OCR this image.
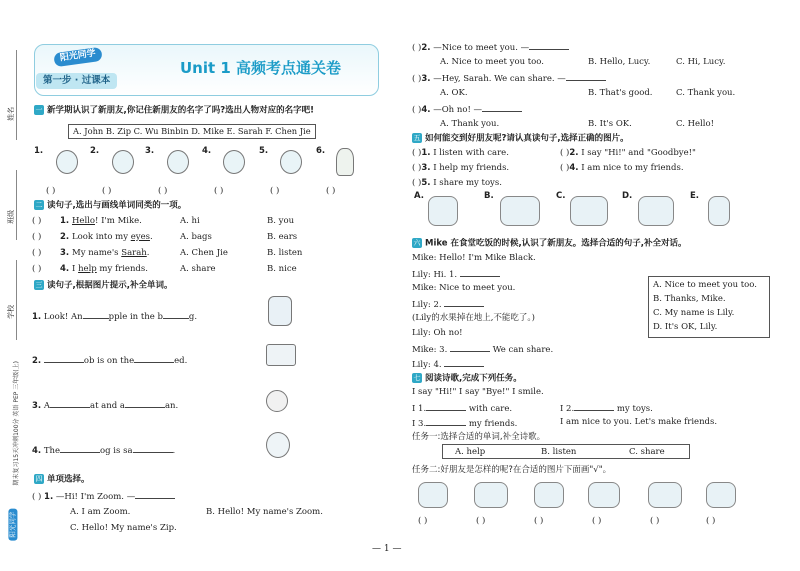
姓名
班级
学校
期末复习15天冲刺100分 英语 PEP 三年级(上)
阳光同学
阳光同学
第一步 · 过课本
Unit 1 高频考点通关卷
一 新学期认识了新朋友,你记住新朋友的名字了吗?选出人物对应的名字吧!
A. John B. Zip C. Wu Binbin D. Mike E. Sarah F. Chen Jie
1.	2.	3.	4.	5.	6.
( )	( )	( )	( )	( )	( )
二 读句子,选出与画线单词同类的一项。
( ) 1. Hello! I'm Mike.	A. hi	B. you
( ) 2. Look into my eyes.	A. bags	B. ears
( ) 3. My name's Sarah.	A. Chen Jie	B. listen
( ) 4. I help my friends.	A. share	B. nice
三 读句子,根据图片提示,补全单词。
1. Look! An	pple in the b	g.
2.	ob is on the	ed.
3. A	at and a	an.
4. The	og is sa	.
四 单项选择。
( ) 1. —Hi! I'm Zoom. —
A. I am Zoom.	B. Hello! My name's Zoom.
C. Hello! My name's Zip.
( )2. —Nice to meet you. —
A. Nice to meet you too.	B. Hello, Lucy.	C. Hi, Lucy.
( )3. —Hey, Sarah. We can share. —
A. OK.	B. That's good.	C. Thank you.
( )4. —Oh no! —
A. Thank you.	B. It's OK.	C. Hello!
五 如何能交到好朋友呢?请认真读句子,选择正确的图片。
( )1. I listen with care.	( )2. I say "Hi!" and "Goodbye!"
( )3. I help my friends.	( )4. I am nice to my friends.
( )5. I share my toys.
A.	B.	C.	D.	E.
六 Mike 在食堂吃饭的时候,认识了新朋友。选择合适的句子,补全对话。
Mike: Hello! I'm Mike Black.
Lily: Hi. 1.
Mike: Nice to meet you.
Lily: 2.
(Lily的水果掉在地上,不能吃了。)
Lily: Oh no!
Mike: 3.	We can share.
Lily: 4.
A. Nice to meet you too.
B. Thanks, Mike.
C. My name is Lily.
D. It's OK, Lily.
七 阅读诗歌,完成下列任务。
I say "Hi!" I say "Bye!" I smile.
I 1.	with care.	I 2.	my toys.
I 3.	my friends.	I am nice to you. Let's make friends.
任务一:选择合适的单词,补全诗歌。
A. help	B. listen	C. share
任务二:好朋友是怎样的呢?在合适的图片下面画"√"。
( )	( )	( )	( )	( )	( )
— 1 —
